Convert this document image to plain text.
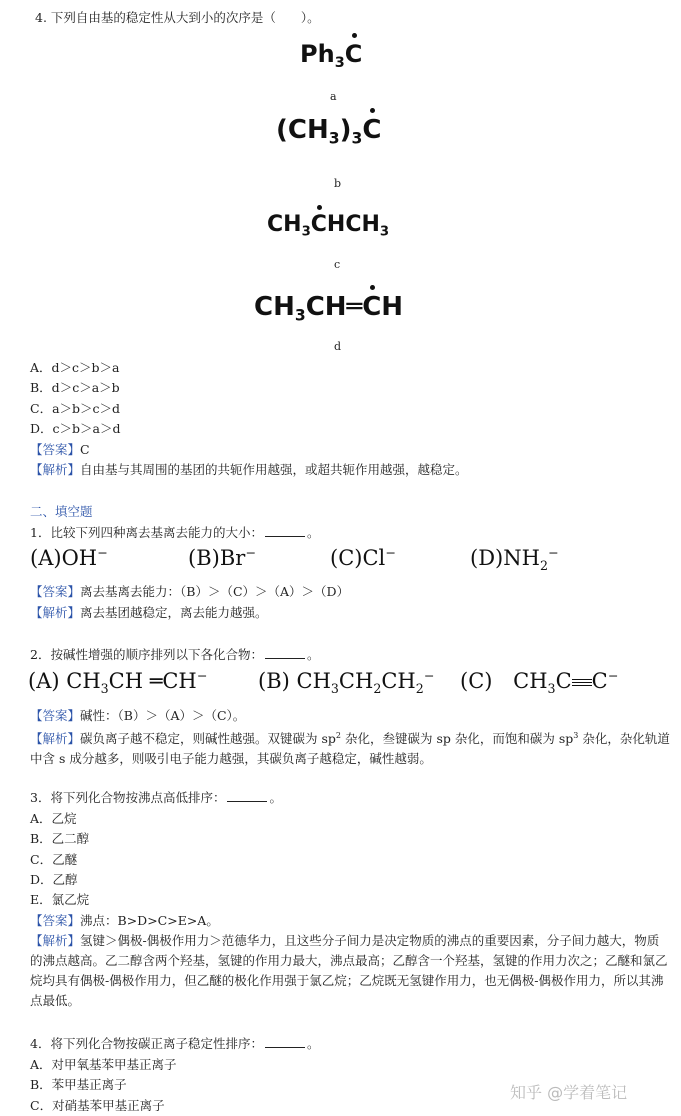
4. 下列自由基的稳定性从大到小的次序是（　　）。
$Ph_3C$
a
$(CH_3)_3C$
b
$CH_3CHCH_3$
c
$CH_3CH═CH$
d
A．d＞c＞b＞a
B．d＞c＞a＞b
C．a＞b＞c＞d
D．c＞b＞a＞d
【答案】C
【解析】自由基与其周围的基团的共轭作用越强，或超共轭作用越强，越稳定。
二、填空题
1．比较下列四种离去基离去能力的大小：	。
(A)OH−	(B)Br−	(C)Cl−	$(D)NH_2^-$
【答案】离去基离去能力：（B）＞（C）＞（A）＞（D）
【解析】离去基团越稳定，离去能力越强。
2．按碱性增强的顺序排列以下各化合物：	。
(A) $CH_3CH$ ═CH− (B) $CH_3CH_2CH_2^-$ (C) $CH_3C$ C−
【答案】碱性：（B）＞（A）＞（C）。
【解析】碳负离子越不稳定，则碱性越强。双键碳为 $sp^2$ 杂化，叁键碳为 sp 杂化，而饱和碳为 $sp^3$ 杂化，杂化轨道中含 s 成分越多，则吸引电子能力越强，其碳负离子越稳定，碱性越弱。
3．将下列化合物按沸点高低排序：	。
A．乙烷
B．乙二醇
C．乙醚
D．乙醇
E．氯乙烷
【答案】沸点：B>D>C>E>A。
【解析】氢键＞偶极-偶极作用力＞范德华力，且这些分子间力是决定物质的沸点的重要因素，分子间力越大，物质的沸点越高。乙二醇含两个羟基，氢键的作用力最大，沸点最高；乙醇含一个羟基，氢键的作用力次之；乙醚和氯乙烷均具有偶极-偶极作用力，但乙醚的极化作用强于氯乙烷；乙烷既无氢键作用力，也无偶极-偶极作用力，所以其沸点最低。
4．将下列化合物按碳正离子稳定性排序：	。
A．对甲氧基苯甲基正离子
B．苯甲基正离子
C．对硝基苯甲基正离子
知乎 @学着笔记
